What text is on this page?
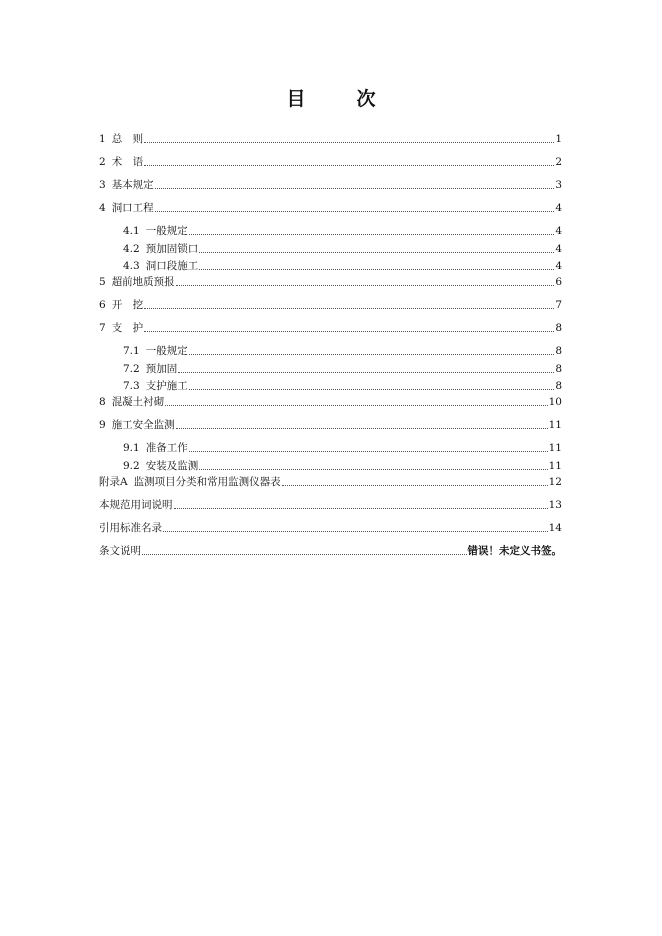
目　次
1 总　则	1
2 术　语	2
3 基本规定	3
4 洞口工程	4
4.1 一般规定	4
4.2 预加固锁口	4
4.3 洞口段施工	4
5 超前地质预报	6
6 开　挖	7
7 支　护	8
7.1 一般规定	8
7.2 预加固	8
7.3 支护施工	8
8 混凝土衬砌	10
9 施工安全监测	11
9.1 准备工作	11
9.2 安装及监测	11
附录A 监测项目分类和常用监测仪器表	12
本规范用词说明	13
引用标准名录	14
条文说明	错误！未定义书签。
